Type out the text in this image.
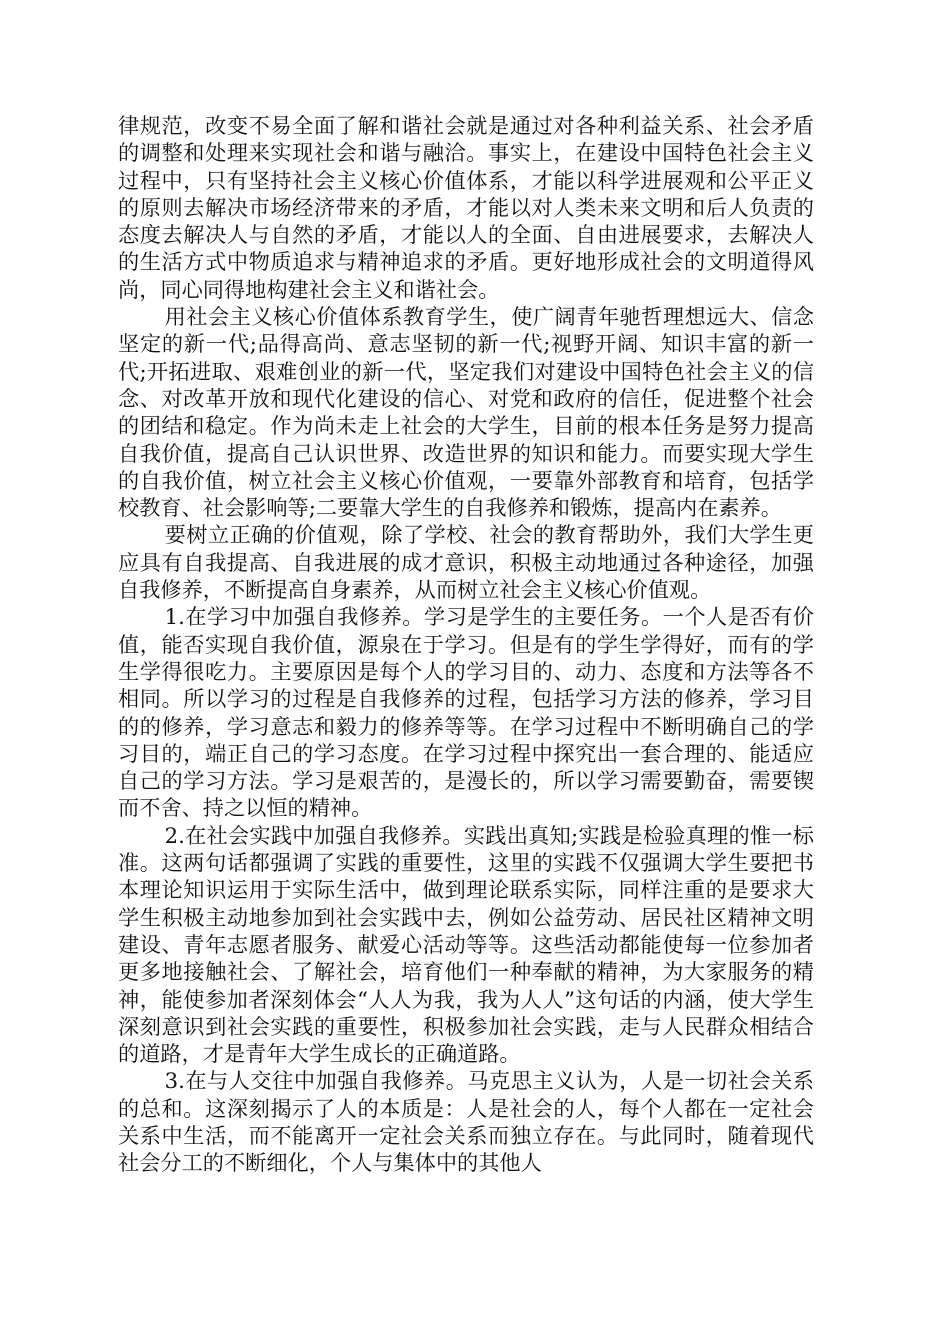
律规范，改变不易全面了解和谐社会就是通过对各种利益关系、社会矛盾的调整和处理来实现社会和谐与融洽。事实上，在建设中国特色社会主义过程中，只有坚持社会主义核心价值体系，才能以科学进展观和公平正义的原则去解决市场经济带来的矛盾，才能以对人类未来文明和后人负责的态度去解决人与自然的矛盾，才能以人的全面、自由进展要求，去解决人的生活方式中物质追求与精神追求的矛盾。更好地形成社会的文明道得风尚，同心同得地构建社会主义和谐社会。

用社会主义核心价值体系教育学生，使广阔青年驰哲理想远大、信念坚定的新一代;品得高尚、意志坚韧的新一代;视野开阔、知识丰富的新一代;开拓进取、艰难创业的新一代，坚定我们对建设中国特色社会主义的信念、对改革开放和现代化建设的信心、对党和政府的信任，促进整个社会的团结和稳定。作为尚未走上社会的大学生，目前的根本任务是努力提高自我价值，提高自己认识世界、改造世界的知识和能力。而要实现大学生的自我价值，树立社会主义核心价值观，一要靠外部教育和培育，包括学校教育、社会影响等;二要靠大学生的自我修养和锻炼，提高内在素养。

要树立正确的价值观，除了学校、社会的教育帮助外，我们大学生更应具有自我提高、自我进展的成才意识，积极主动地通过各种途径，加强自我修养，不断提高自身素养，从而树立社会主义核心价值观。

1.在学习中加强自我修养。学习是学生的主要任务。一个人是否有价值，能否实现自我价值，源泉在于学习。但是有的学生学得好，而有的学生学得很吃力。主要原因是每个人的学习目的、动力、态度和方法等各不相同。所以学习的过程是自我修养的过程，包括学习方法的修养，学习目的的修养，学习意志和毅力的修养等等。在学习过程中不断明确自己的学习目的，端正自己的学习态度。在学习过程中探究出一套合理的、能适应自己的学习方法。学习是艰苦的，是漫长的，所以学习需要勤奋，需要锲而不舍、持之以恒的精神。

2.在社会实践中加强自我修养。实践出真知;实践是检验真理的惟一标准。这两句话都强调了实践的重要性，这里的实践不仅强调大学生要把书本理论知识运用于实际生活中，做到理论联系实际，同样注重的是要求大学生积极主动地参加到社会实践中去，例如公益劳动、居民社区精神文明建设、青年志愿者服务、献爱心活动等等。这些活动都能使每一位参加者更多地接触社会、了解社会，培育他们一种奉献的精神，为大家服务的精神，能使参加者深刻体会“人人为我，我为人人”这句话的内涵，使大学生深刻意识到社会实践的重要性，积极参加社会实践，走与人民群众相结合的道路，才是青年大学生成长的正确道路。

3.在与人交往中加强自我修养。马克思主义认为，人是一切社会关系的总和。这深刻揭示了人的本质是：人是社会的人，每个人都在一定社会关系中生活，而不能离开一定社会关系而独立存在。与此同时，随着现代社会分工的不断细化，个人与集体中的其他人
